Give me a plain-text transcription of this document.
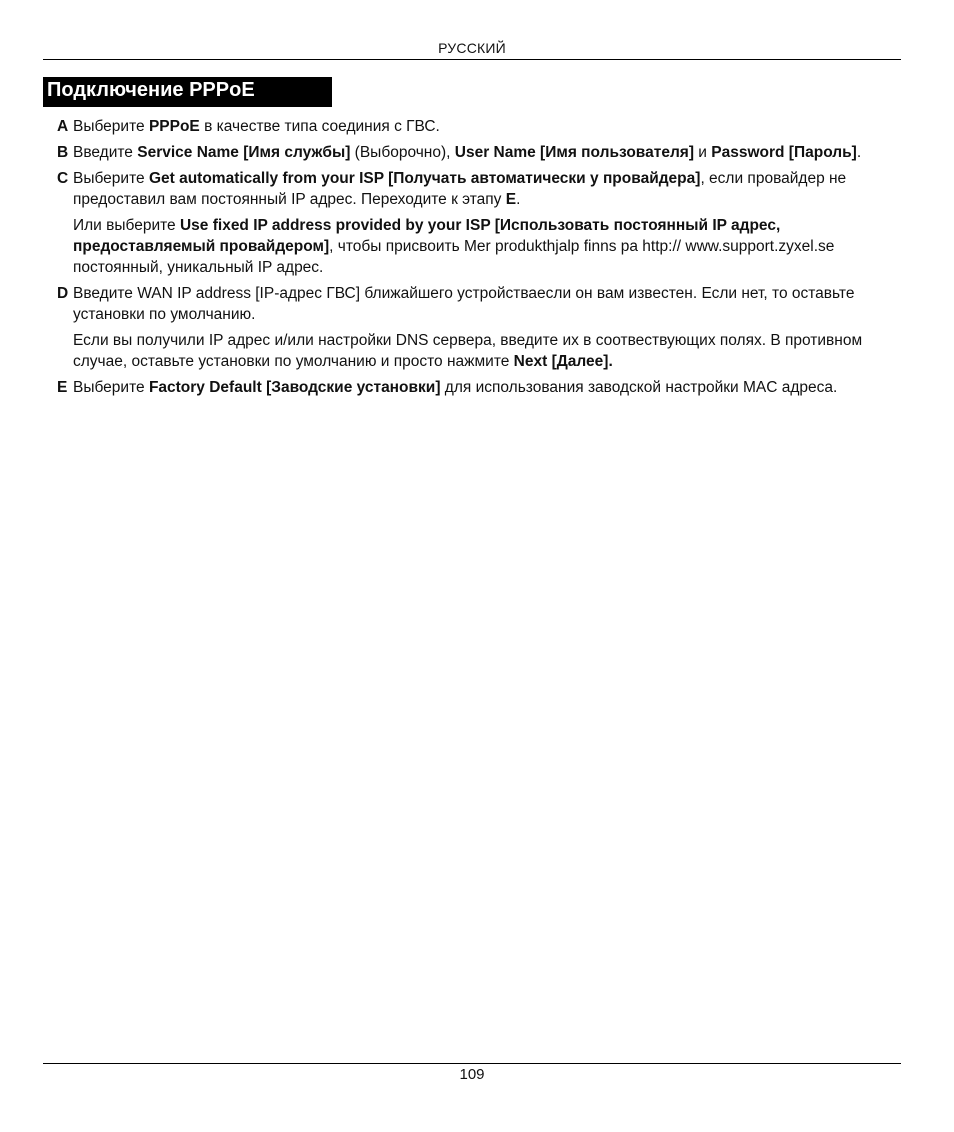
РУССКИЙ
Подключение PPPoE
A Выберите PPPoE в качестве типа соединия с ГВС.

B Введите Service Name [Имя службы] (Выборочно), User Name [Имя пользователя] и Password [Пароль].

C Выберите Get automatically from your ISP [Получать автоматически у провайдера], если провайдер не предоставил вам постоянный IP адрес. Переходите к этапу E.

Или выберите Use fixed IP address provided by your ISP [Использовать постоянный IP адрес, предоставляемый провайдером], чтобы присвоить Mer produkthjalp finns pa http:// www.support.zyxel.se постоянный, уникальный IP адрес.

D Введите WAN IP address [IP-адрес ГВС] ближайшего устройстваесли он вам известен. Если нет, то оставьте установки по умолчанию.

Если вы получили IP адрес и/или настройки DNS сервера, введите их в соотвествующих полях. В противном случае, оставьте установки по умолчанию и просто нажмите Next [Далее].

E Выберите Factory Default [Заводские установки] для использования заводской настройки MAC адреса.

109
